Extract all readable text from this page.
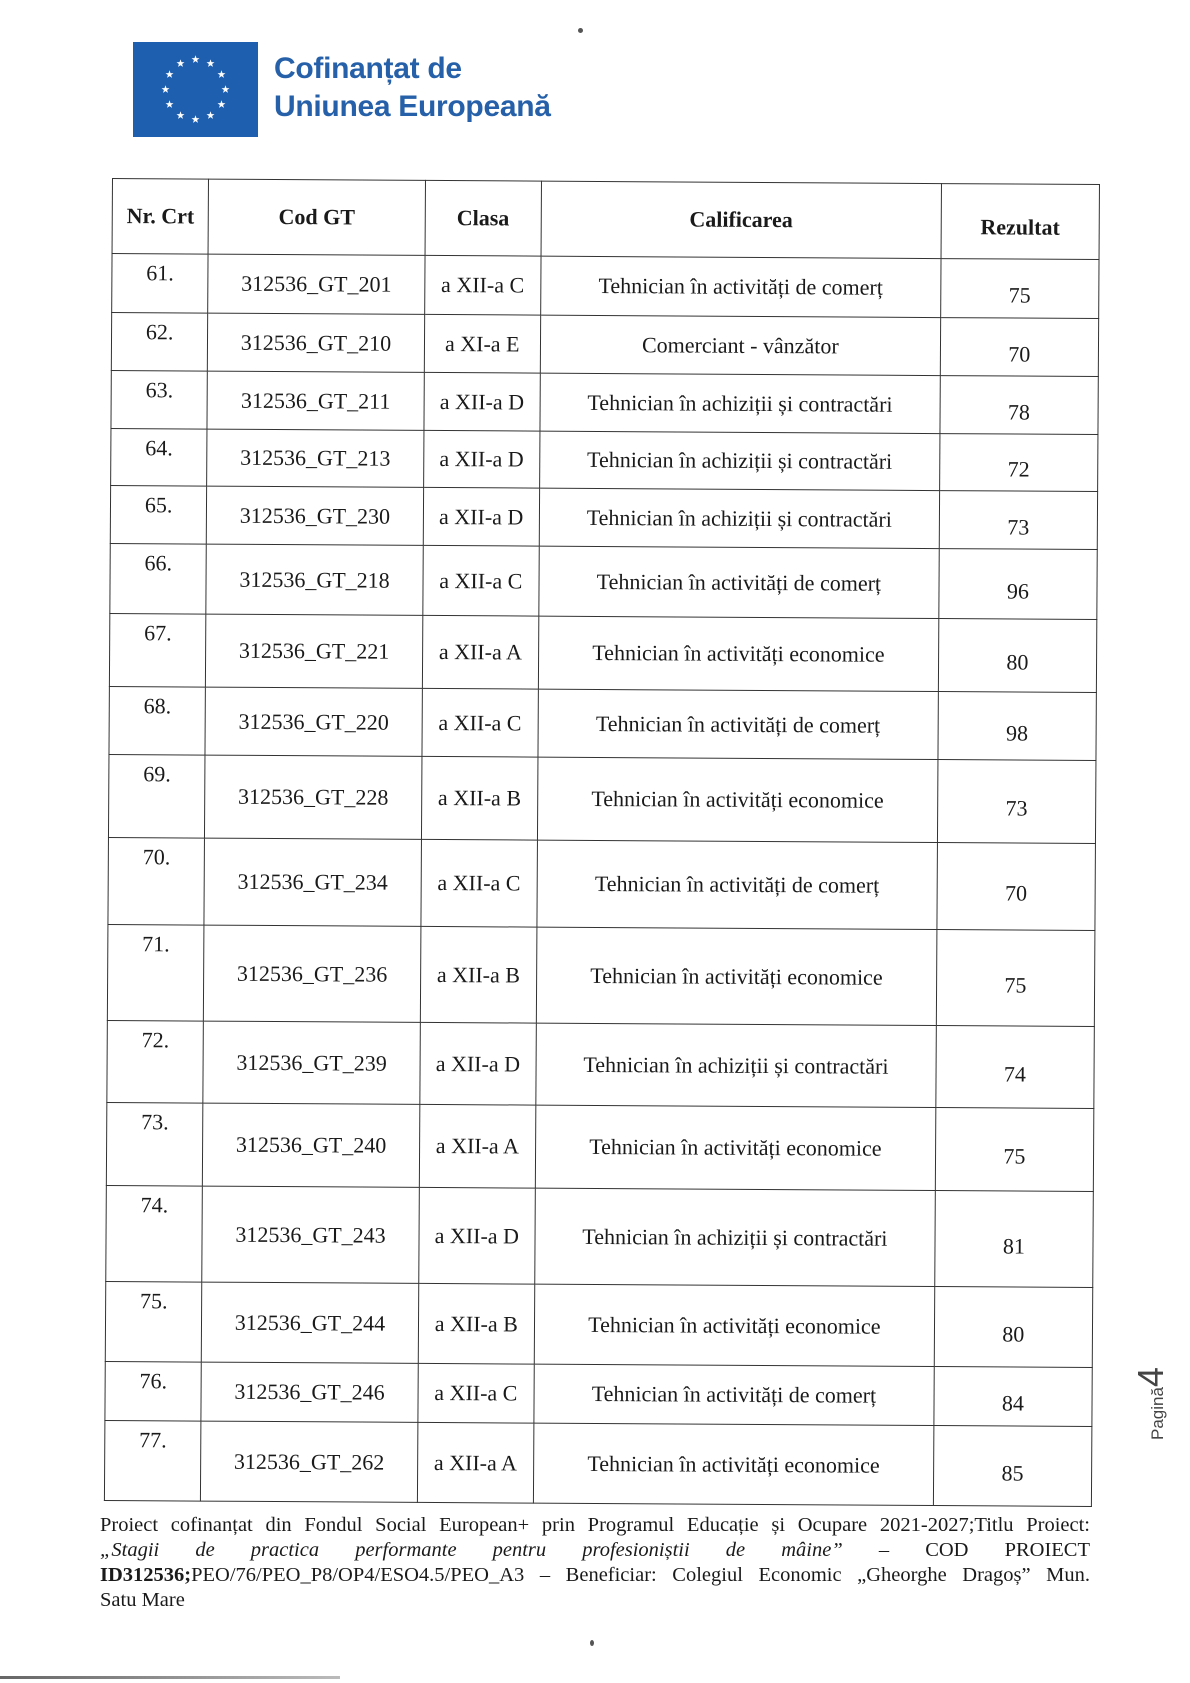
Cofinanțat de
Uniunea Europeană
Nr. Crt	Cod GT	Clasa	Calificarea	Rezultat
61.	312536_GT_201	a XII-a C	Tehnician în activități de comerț	75
62.	312536_GT_210	a XI-a E	Comerciant - vânzător	70
63.	312536_GT_211	a XII-a D	Tehnician în achiziții și contractări	78
64.	312536_GT_213	a XII-a D	Tehnician în achiziții și contractări	72
65.	312536_GT_230	a XII-a D	Tehnician în achiziții și contractări	73
66.	312536_GT_218	a XII-a C	Tehnician în activități de comerț	96
67.	312536_GT_221	a XII-a A	Tehnician în activități economice	80
68.	312536_GT_220	a XII-a C	Tehnician în activități de comerț	98
69.	312536_GT_228	a XII-a B	Tehnician în activități economice	73
70.	312536_GT_234	a XII-a C	Tehnician în activități de comerț	70
71.	312536_GT_236	a XII-a B	Tehnician în activități economice	75
72.	312536_GT_239	a XII-a D	Tehnician în achiziții și contractări	74
73.	312536_GT_240	a XII-a A	Tehnician în activități economice	75
74.	312536_GT_243	a XII-a D	Tehnician în achiziții și contractări	81
75.	312536_GT_244	a XII-a B	Tehnician în activități economice	80
76.	312536_GT_246	a XII-a C	Tehnician în activități de comerț	84
77.	312536_GT_262	a XII-a A	Tehnician în activități economice	85
Proiect cofinanțat din Fondul Social European+ prin Programul Educație și Ocupare 2021-2027;Titlu Proiect:
„Stagii de practica performante pentru profesioniștii de mâine” – COD PROIECT
ID312536;PEO/76/PEO_P8/OP4/ESO4.5/PEO_A3 – Beneficiar: Colegiul Economic „Gheorghe Dragoș” Mun.
Satu Mare
Pagină4
